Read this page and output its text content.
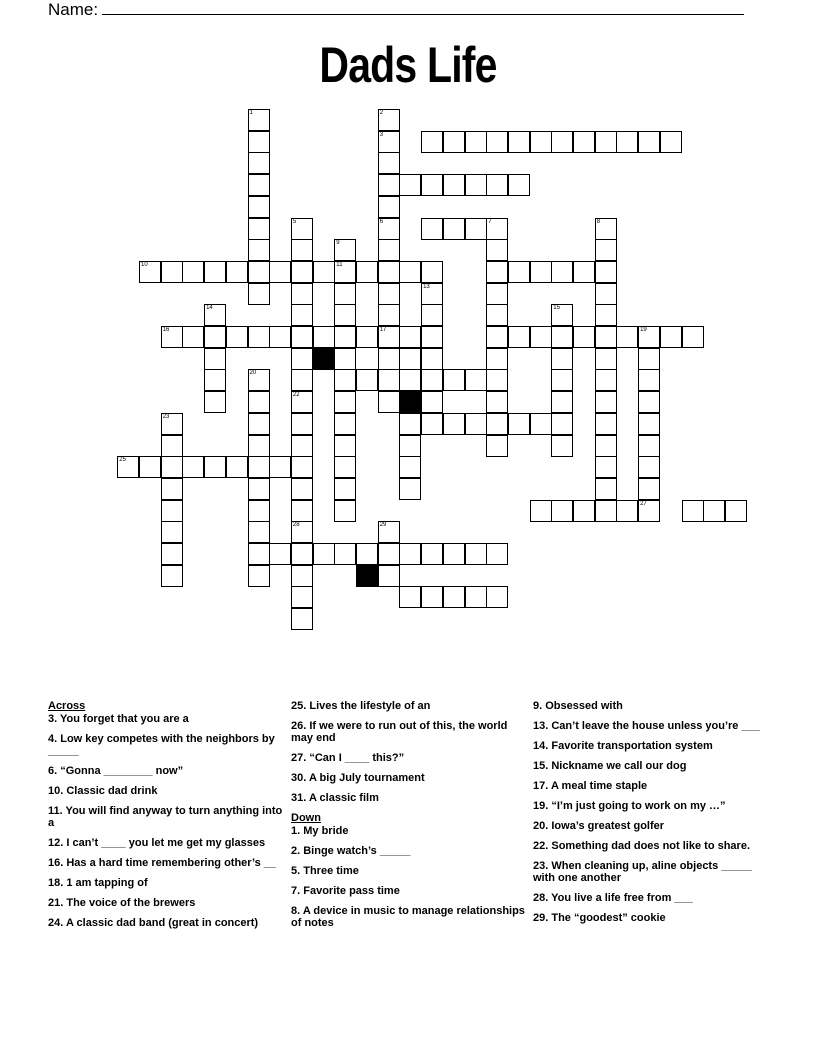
Name:
Dads Life
10	11
16	17	19
25
27
1	2
3
6
5
22
7	8
9
13
14	15
20
28
23
29
Across
3. You forget that you are a
4. Low key competes with the neighbors by _____
6. “Gonna ________ now”
10. Classic dad drink
11. You will find anyway to turn anything into a
12. I can’t ____ you let me get my glasses
16. Has a hard time remembering other’s __
18. 1 am tapping of
21. The voice of the brewers
24. A classic dad band (great in concert)
25. Lives the lifestyle of an
26. If we were to run out of this, the world may end
27. “Can I ____ this?”
30. A big July tournament
31. A classic film
Down
1. My bride
2. Binge watch’s _____
5. Three time
7. Favorite pass time
8. A device in music to manage relationships of notes
9. Obsessed with
13. Can’t leave the house unless you’re ___
14. Favorite transportation system
15. Nickname we call our dog
17. A meal time staple
19. “I’m just going to work on my …”
20. Iowa’s greatest golfer
22. Something dad does not like to share.
23. When cleaning up, aline objects _____ with one another
28. You live a life free from ___
29. The “goodest” cookie
